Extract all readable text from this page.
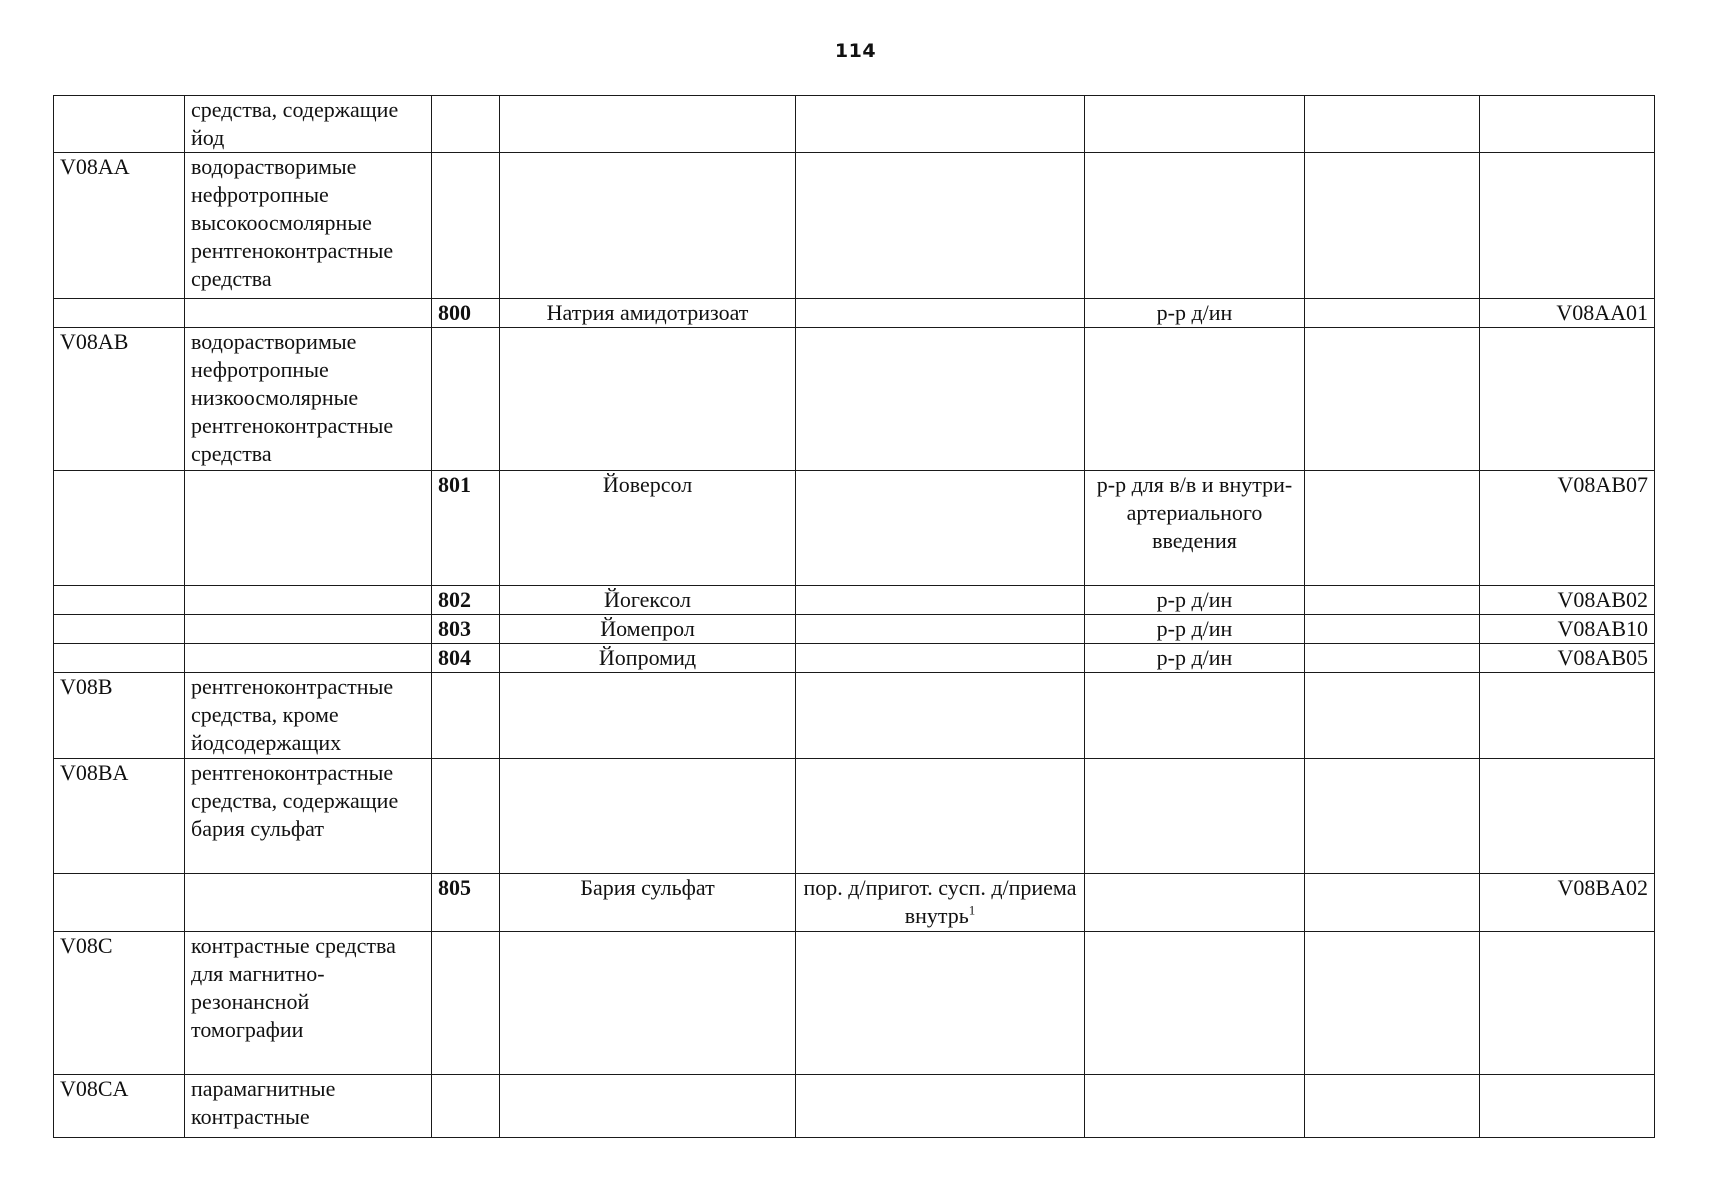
114
	средства, содержащие йод						
V08AA	водорастворимые нефротропные высокоосмолярные рентгеноконтрастные средства						
		800	Натрия амидотризоат		р-р д/ин		V08AA01
V08AB	водорастворимые нефротропные низкоосмолярные рентгеноконтрастные средства						
		801	Йоверсол		р-р для в/в и внутри-артериального введения		V08AB07
		802	Йогексол		р-р д/ин		V08AB02
		803	Йомепрол		р-р д/ин		V08AB10
		804	Йопромид		р-р д/ин		V08AB05
V08B	рентгеноконтрастные средства, кроме йодсодержащих						
V08BA	рентгеноконтрастные средства, содержащие бария сульфат						
		805	Бария сульфат	пор. д/пригот. сусп. д/приема внутрь$^1$			V08BA02
V08C	контрастные средства для магнитно-резонансной томографии						
V08CA	парамагнитные контрастные						
